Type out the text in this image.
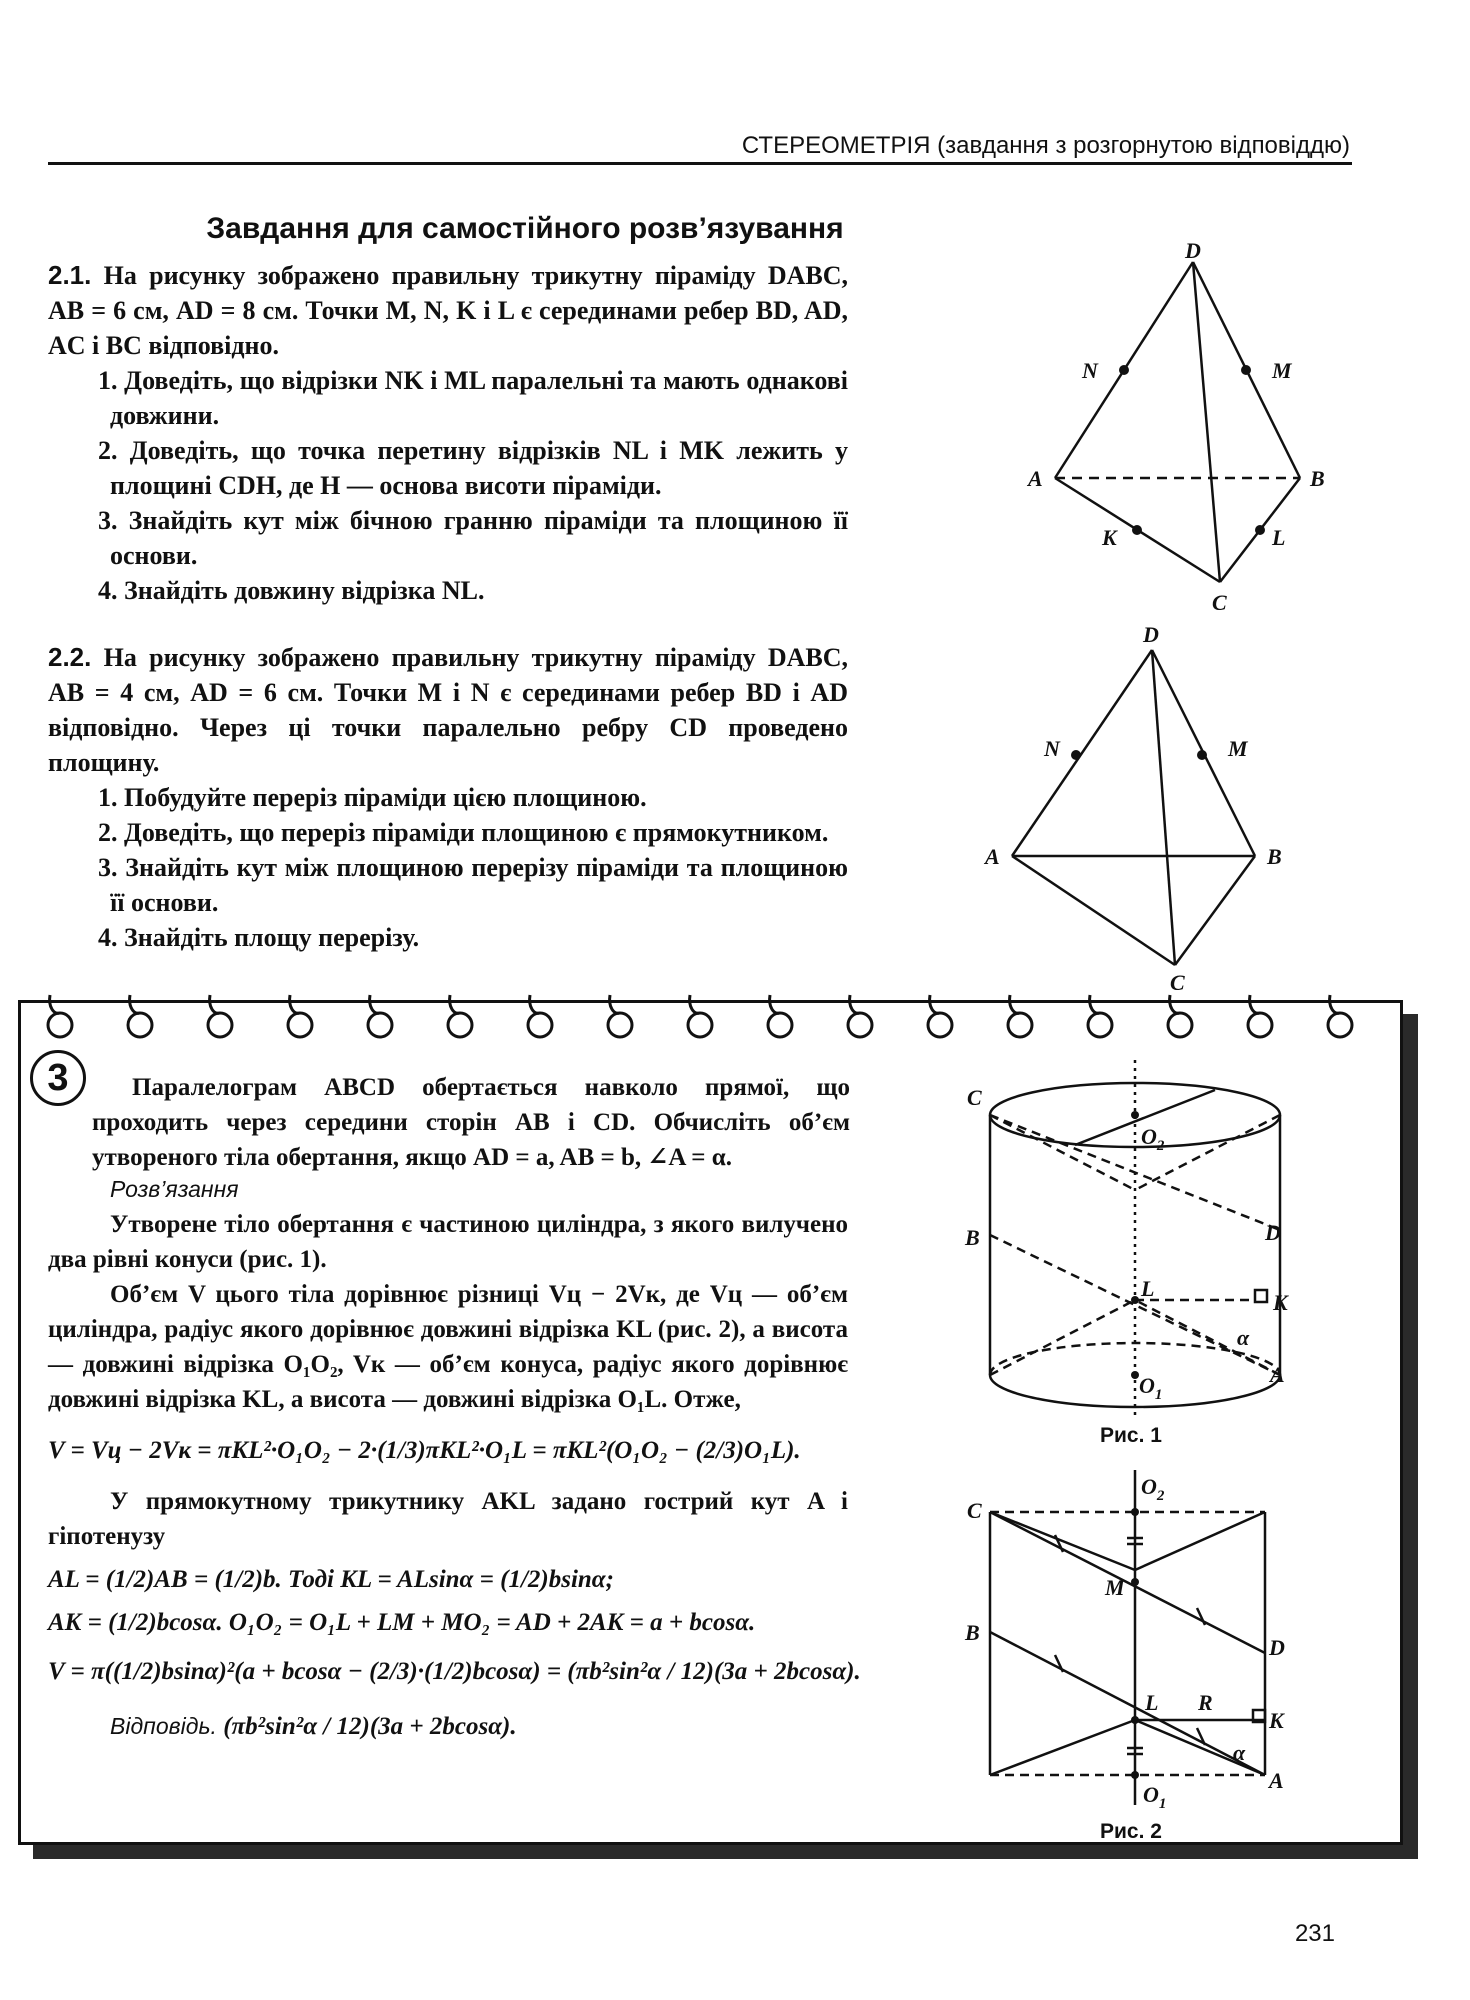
СТЕРЕОМЕТРІЯ (завдання з розгорнутою відповіддю)
Завдання для самостійного розв’язування
2.1. На рисунку зображено правильну трикутну піраміду DABC, AB = 6 см, AD = 8 см. Точки M, N, K і L є серединами ребер BD, AD, AC і BC відповідно.
1. Доведіть, що відрізки NK і ML паралельні та мають однакові довжини.
2. Доведіть, що точка перетину відрізків NL і MK лежить у площині CDH, де H — основа висоти піраміди.
3. Знайдіть кут між бічною гранню піраміди та площиною її основи.
4. Знайдіть довжину відрізка NL.
D
N	M
A	B
K	L
C
2.2. На рисунку зображено правильну трикутну піраміду DABC, AB = 4 см, AD = 6 см. Точки M і N є серединами ребер BD і AD відповідно. Через ці точки паралельно ребру CD проведено площину.
1. Побудуйте переріз піраміди цією площиною.
2. Доведіть, що переріз піраміди площиною є прямокутником.
3. Знайдіть кут між площиною перерізу піраміди та площиною її основи.
4. Знайдіть площу перерізу.
D
N	M
A	B
C
3	Паралелограм ABCD обертається навколо прямої, що проходить через середини сторін AB і CD. Обчисліть об’єм утвореного тіла обертання, якщо AD = a, AB = b, ∠A = α.

Розв’язання

Утворене тіло обертання є частиною циліндра, з якого вилучено два рівні конуси (рис. 1).

Об’єм V цього тіла дорівнює різниці Vц − 2Vк, де Vц — об’єм циліндра, радіус якого дорівнює довжині відрізка KL (рис. 2), а висота — довжині відрізка O₁O₂, Vк — об’єм конуса, радіус якого дорівнює довжині відрізка KL, а висота — довжині відрізка O₁L. Отже,

V = Vц − 2Vк = πKL²·O₁O₂ − 2·(1/3)πKL²·O₁L = πKL²(O₁O₂ − (2/3)O₁L).

У прямокутному трикутнику AKL задано гострий кут A і гіпотенузу

AL = (1/2)AB = (1/2)b. Тоді KL = ALsinα = (1/2)bsinα;

AK = (1/2)bcosα. O₁O₂ = O₁L + LM + MO₂ = AD + 2AK = a + bcosα.

V = π((1/2)bsinα)²(a + bcosα − (2/3)·(1/2)bcosα) = (πb²sin²α / 12)(3a + 2bcosα).

Відповідь. (πb²sin²α / 12)(3a + 2bcosα).

C
$O_2$
B	D
L
K
α
$O_1$
A
Рис. 1
$O_2$
C
M
D
B
L R
K
α
A
$O_1$
Рис. 2
231
